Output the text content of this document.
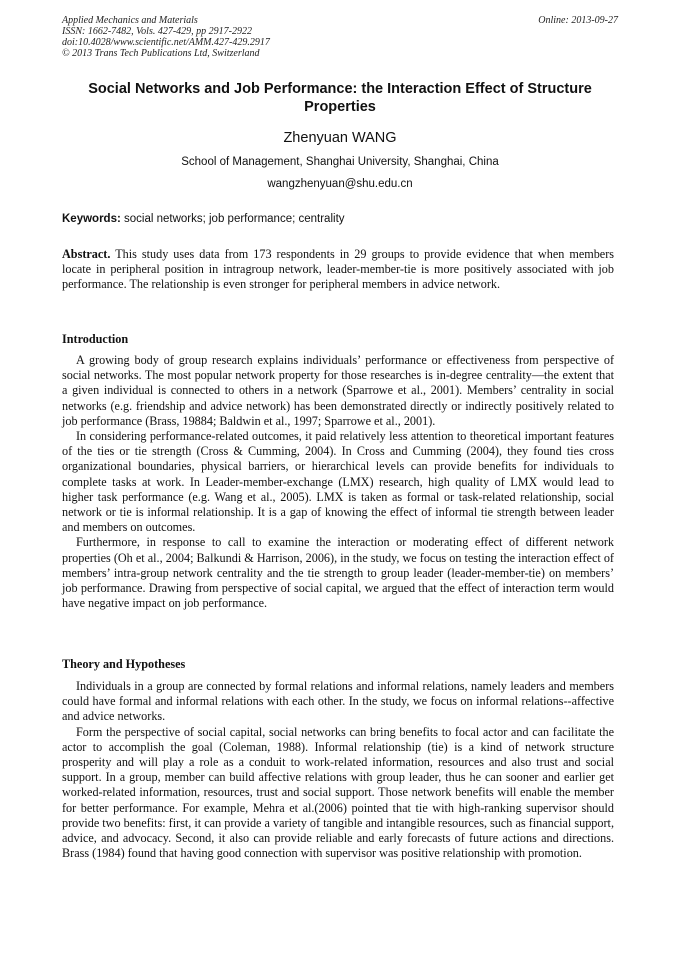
Applied Mechanics and Materials
ISSN: 1662-7482, Vols. 427-429, pp 2917-2922
doi:10.4028/www.scientific.net/AMM.427-429.2917
© 2013 Trans Tech Publications Ltd, Switzerland
Online: 2013-09-27
Social Networks and Job Performance: the Interaction Effect of Structure Properties
Zhenyuan WANG
School of Management, Shanghai University, Shanghai, China
wangzhenyuan@shu.edu.cn
Keywords: social networks; job performance; centrality
Abstract. This study uses data from 173 respondents in 29 groups to provide evidence that when members locate in peripheral position in intragroup network, leader-member-tie is more positively associated with job performance. The relationship is even stronger for peripheral members in advice network.
Introduction

A growing body of group research explains individuals’ performance or effectiveness from perspective of social networks. The most popular network property for those researches is in-degree centrality—the extent that a given individual is connected to others in a network (Sparrowe et al., 2001). Members’ centrality in social networks (e.g. friendship and advice network) has been demonstrated directly or indirectly positively related to job performance (Brass, 19884; Baldwin et al., 1997; Sparrowe et al., 2001).

In considering performance-related outcomes, it paid relatively less attention to theoretical important features of the ties or tie strength (Cross & Cumming, 2004). In Cross and Cumming (2004), they found ties cross organizational boundaries, physical barriers, or hierarchical levels can provide benefits for individuals to complete tasks at work. In Leader-member-exchange (LMX) research, high quality of LMX would lead to higher task performance (e.g. Wang et al., 2005). LMX is taken as formal or task-related relationship, social network or tie is informal relationship. It is a gap of knowing the effect of informal tie strength between leader and members on outcomes.

Furthermore, in response to call to examine the interaction or moderating effect of different network properties (Oh et al., 2004; Balkundi & Harrison, 2006), in the study, we focus on testing the interaction effect of members’ intra-group network centrality and the tie strength to group leader (leader-member-tie) on members’ job performance. Drawing from perspective of social capital, we argued that the effect of interaction term would have negative impact on job performance.

Theory and Hypotheses

Individuals in a group are connected by formal relations and informal relations, namely leaders and members could have formal and informal relations with each other. In the study, we focus on informal relations--affective and advice networks.

Form the perspective of social capital, social networks can bring benefits to focal actor and can facilitate the actor to accomplish the goal (Coleman, 1988). Informal relationship (tie) is a kind of network structure prosperity and will play a role as a conduit to work-related information, resources and also trust and social support. In a group, member can build affective relations with group leader, thus he can sooner and earlier get worked-related information, resources, trust and social support. Those network benefits will enable the member for better performance. For example, Mehra et al.(2006) pointed that tie with high-ranking supervisor should provide two benefits: first, it can provide a variety of tangible and intangible resources, such as financial support, advice, and advocacy. Second, it also can provide reliable and early forecasts of future actions and directions. Brass (1984) found that having good connection with supervisor was positive relationship with promotion.
